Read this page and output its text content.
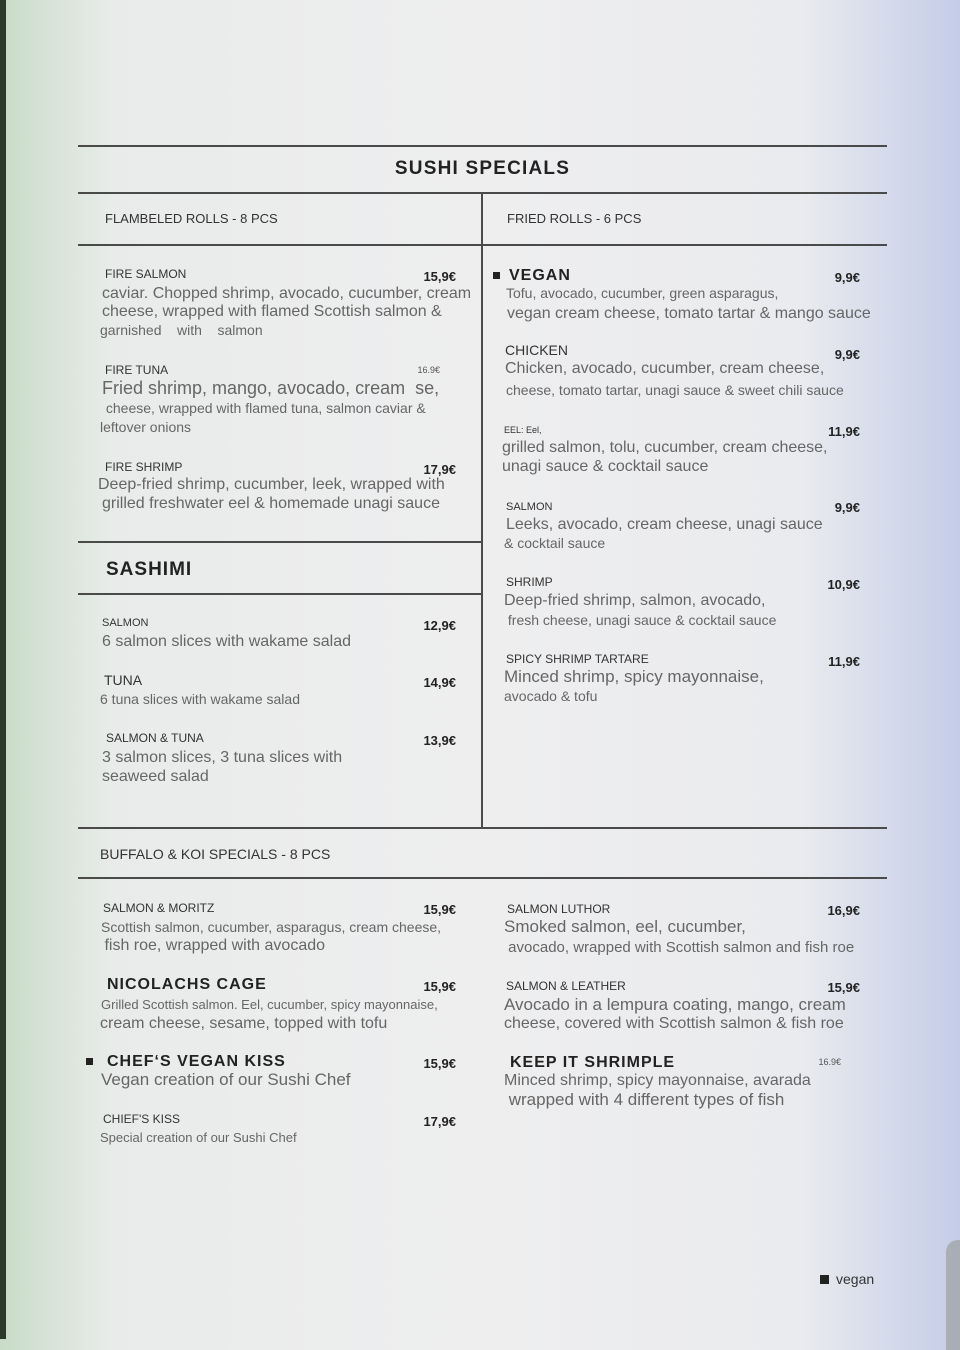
SUSHI SPECIALS
FLAMBELED ROLLS - 8 PCS
FIRE SALMON	15,9€
caviar. Chopped shrimp, avocado, cucumber, cream
cheese, wrapped with flamed Scottish salmon &
garnished    with    salmon
FIRE TUNA	16.9€
Fried shrimp, mango, avocado, cream  se,
cheese, wrapped with flamed tuna, salmon caviar &
leftover onions
FIRE SHRIMP	17,9€
Deep-fried shrimp, cucumber, leek, wrapped with
grilled freshwater eel & homemade unagi sauce
SASHIMI
SALMON	12,9€
6 salmon slices with wakame salad
TUNA	14,9€
6 tuna slices with wakame salad
SALMON & TUNA	13,9€
3 salmon slices, 3 tuna slices with
seaweed salad
FRIED ROLLS - 6 PCS
VEGAN	9,9€
Tofu, avocado, cucumber, green asparagus,
vegan cream cheese, tomato tartar & mango sauce
CHICKEN	9,9€
Chicken, avocado, cucumber, cream cheese,
cheese, tomato tartar, unagi sauce & sweet chili sauce
EEL: Eel,	11,9€
grilled salmon, tolu, cucumber, cream cheese,
unagi sauce & cocktail sauce
SALMON	9,9€
Leeks, avocado, cream cheese, unagi sauce
& cocktail sauce
SHRIMP	10,9€
Deep-fried shrimp, salmon, avocado,
fresh cheese, unagi sauce & cocktail sauce
SPICY SHRIMP TARTARE	11,9€
Minced shrimp, spicy mayonnaise,
avocado & tofu
BUFFALO & KOI SPECIALS - 8 PCS
SALMON & MORITZ	15,9€
Scottish salmon, cucumber, asparagus, cream cheese,
fish roe, wrapped with avocado
NICOLACHS CAGE	15,9€
Grilled Scottish salmon. Eel, cucumber, spicy mayonnaise,
cream cheese, sesame, topped with tofu
CHEF‘S VEGAN KISS	15,9€
Vegan creation of our Sushi Chef
CHIEF'S KISS	17,9€
Special creation of our Sushi Chef
SALMON LUTHOR	16,9€
Smoked salmon, eel, cucumber,
avocado, wrapped with Scottish salmon and fish roe
SALMON & LEATHER	15,9€
Avocado in a lempura coating, mango, cream
cheese, covered with Scottish salmon & fish roe
KEEP IT SHRIMPLE	16.9€
Minced shrimp, spicy mayonnaise, avarada
wrapped with 4 different types of fish
vegan
